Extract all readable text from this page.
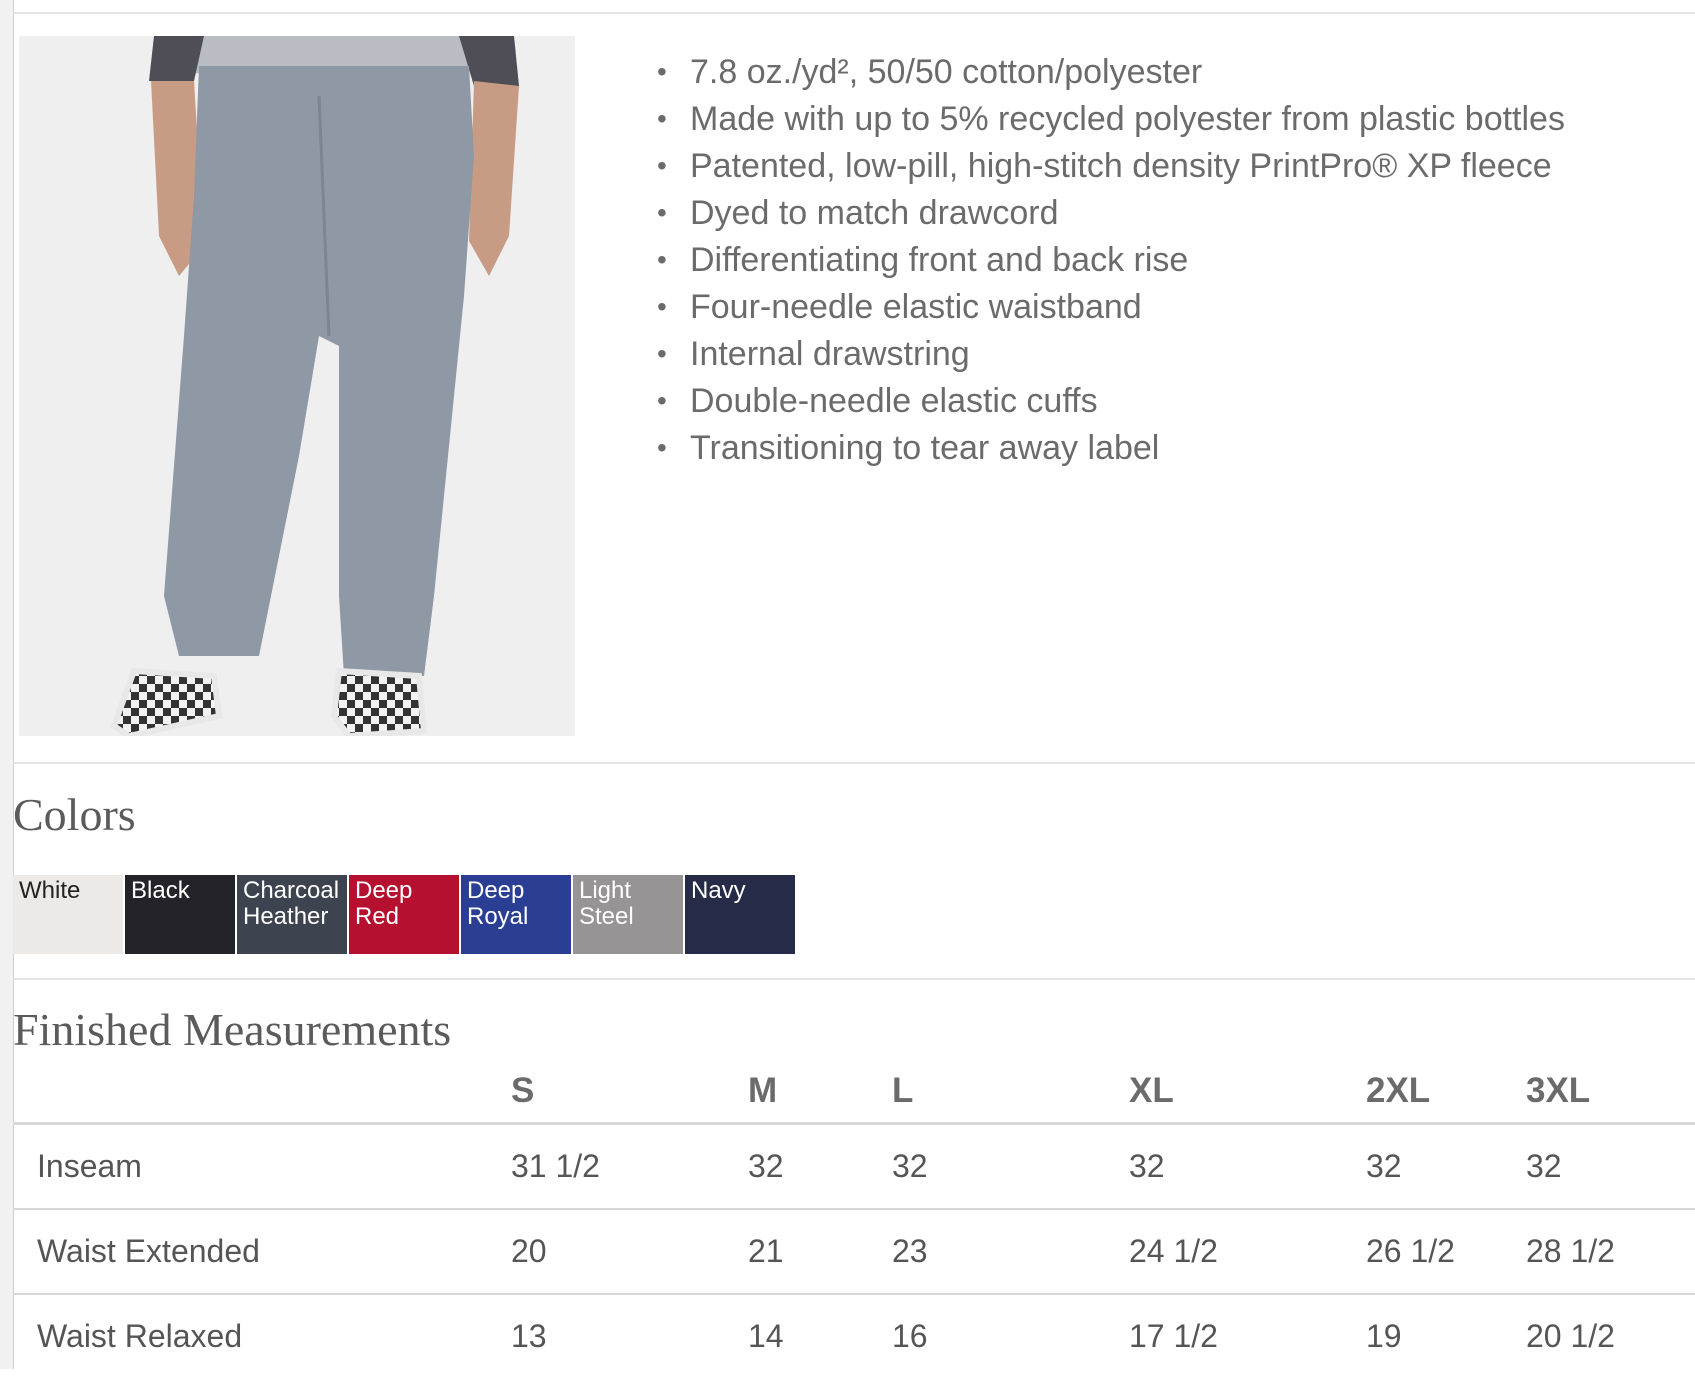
• 7.8 oz./yd², 50/50 cotton/polyester
• Made with up to 5% recycled polyester from plastic bottles
• Patented, low-pill, high-stitch density PrintPro® XP fleece
• Dyed to match drawcord
• Differentiating front and back rise
• Four-needle elastic waistband
• Internal drawstring
• Double-needle elastic cuffs
• Transitioning to tear away label
Colors
White	Black	Charcoal
Heather
Deep
Red
Deep
Royal
Light
Steel
Navy
Finished Measurements
	S	M	L	XL	2XL	3XL
Inseam	31 1/2	32	32	32	32	32
Waist Extended	20	21	23	24 1/2	26 1/2	28 1/2
Waist Relaxed	13	14	16	17 1/2	19	20 1/2
